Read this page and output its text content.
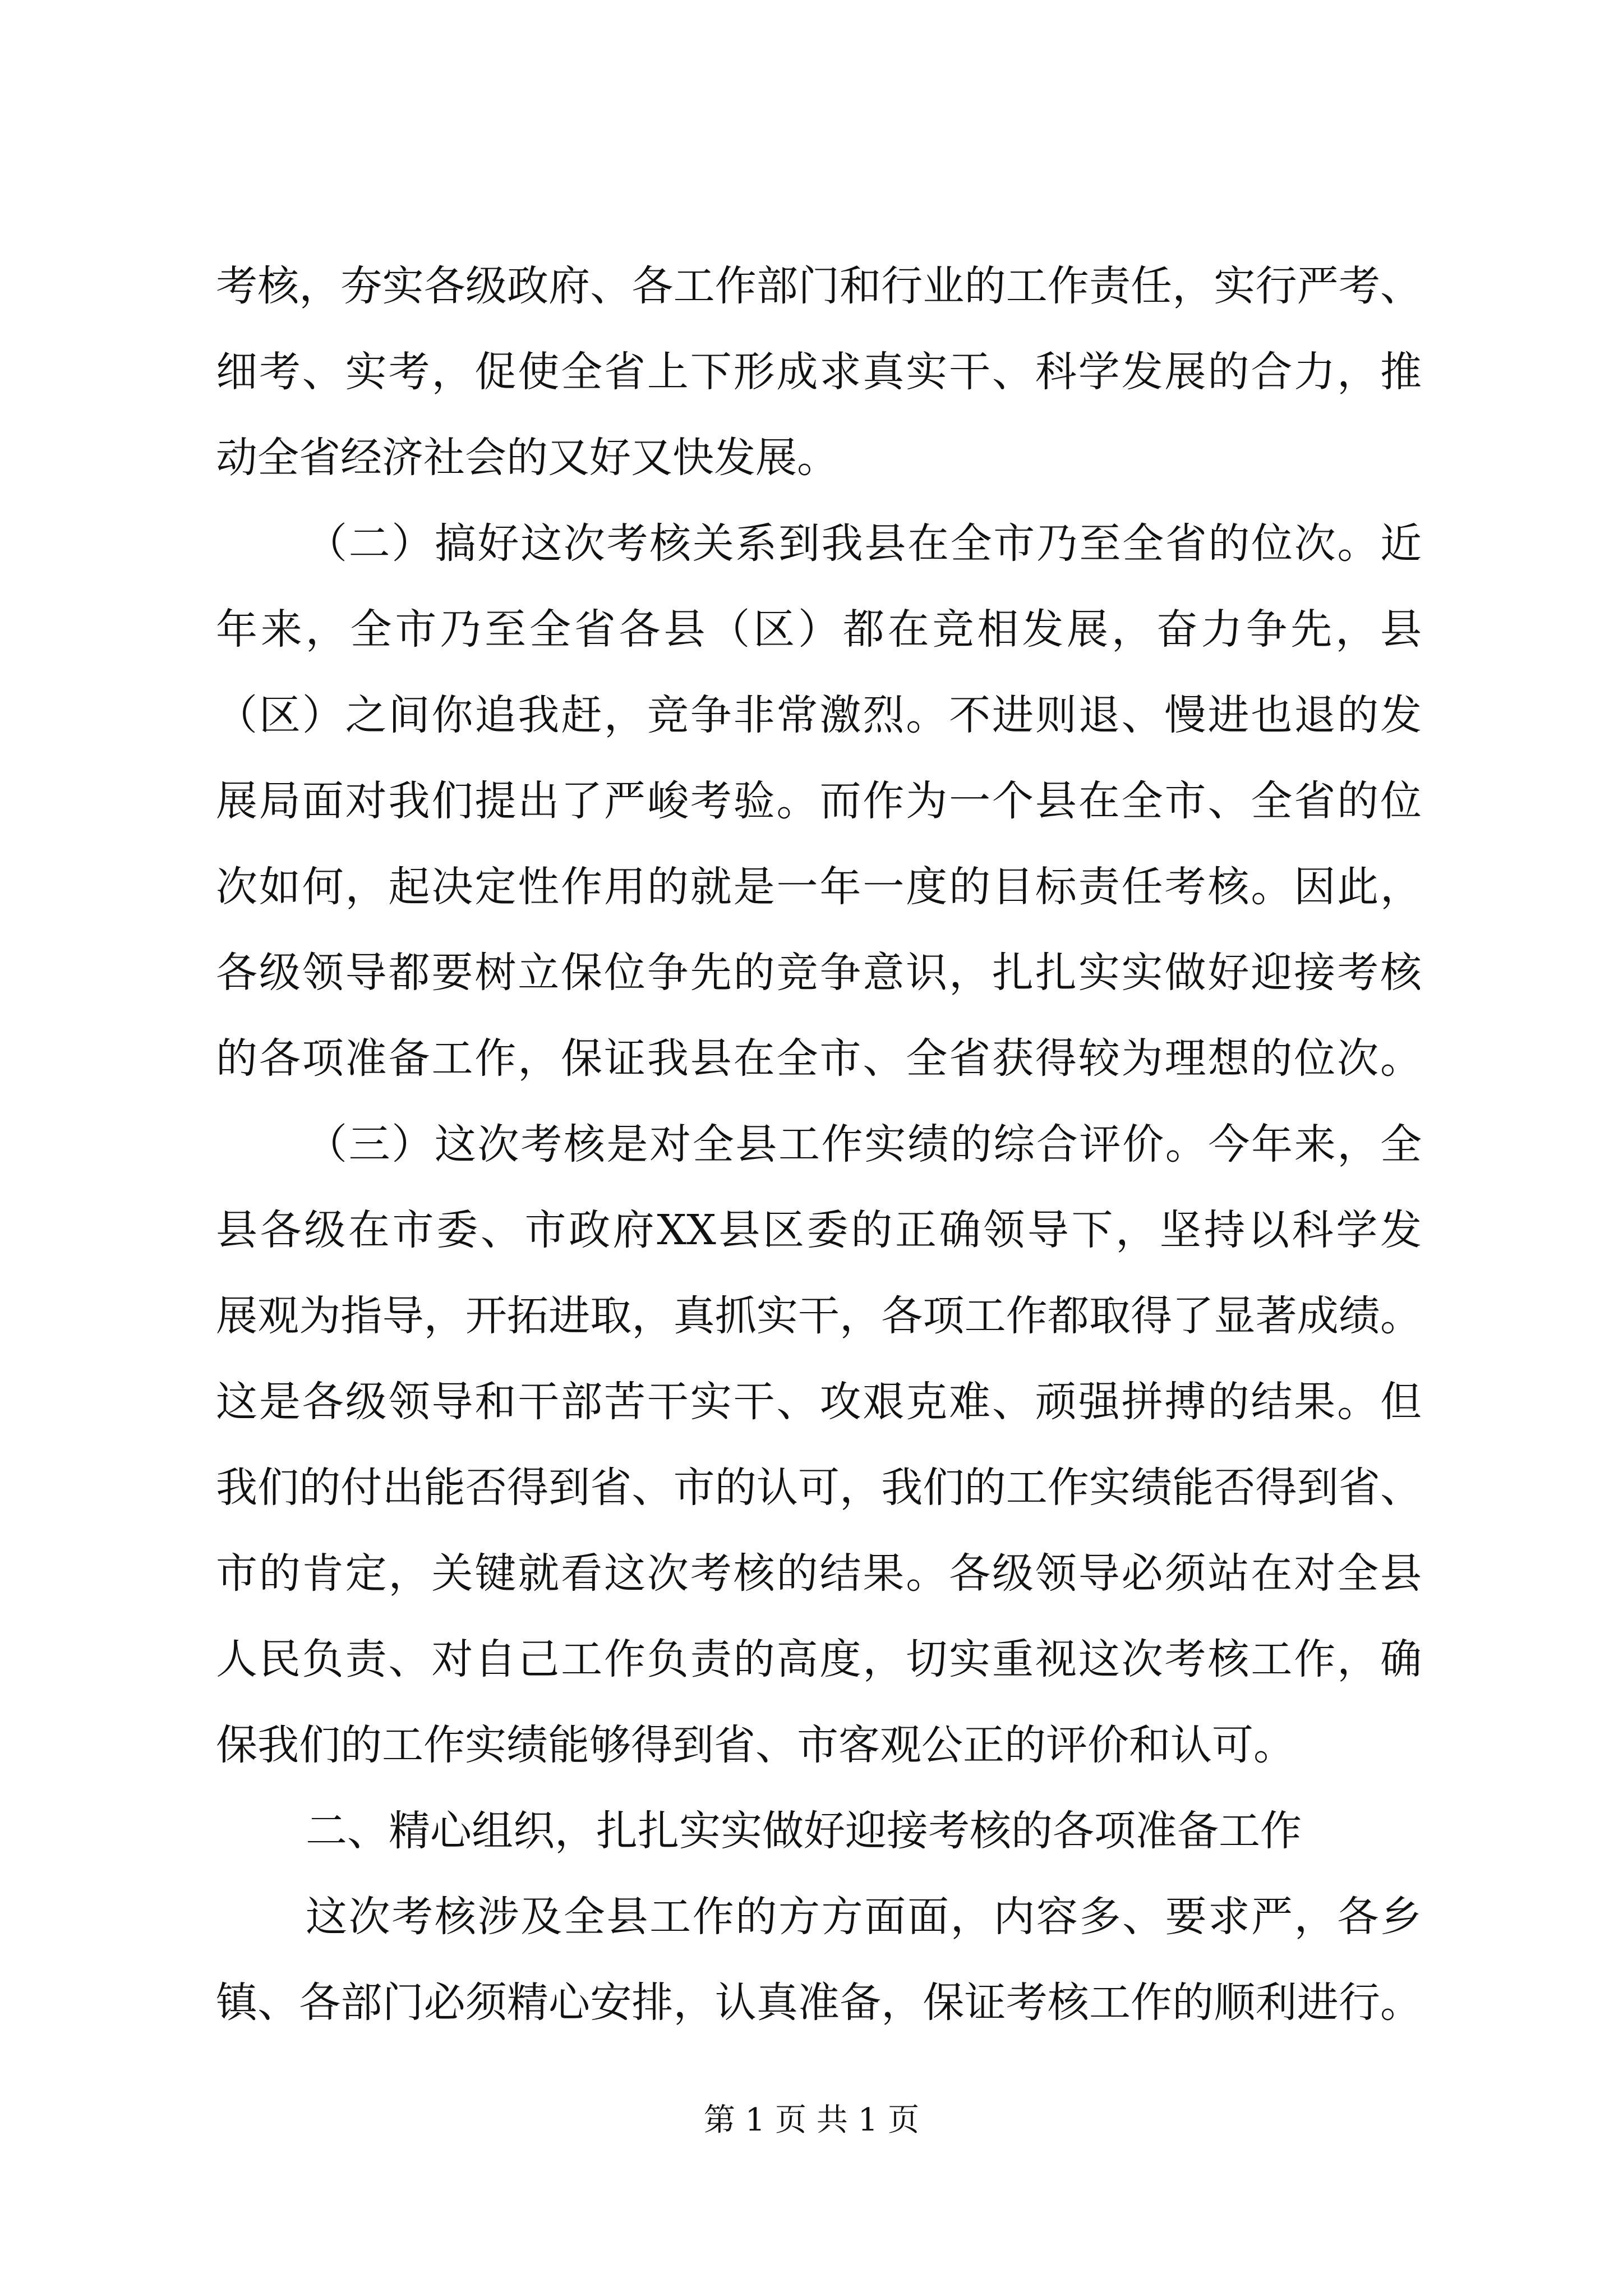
考核，夯实各级政府、各工作部门和行业的工作责任，实行严考、
细考、实考，促使全省上下形成求真实干、科学发展的合力，推
动全省经济社会的又好又快发展。
（二）搞好这次考核关系到我县在全市乃至全省的位次。近
年来，全市乃至全省各县（区）都在竞相发展，奋力争先，县
（区）之间你追我赶，竞争非常激烈。不进则退、慢进也退的发
展局面对我们提出了严峻考验。而作为一个县在全市、全省的位
次如何，起决定性作用的就是一年一度的目标责任考核。因此，
各级领导都要树立保位争先的竞争意识，扎扎实实做好迎接考核
的各项准备工作，保证我县在全市、全省获得较为理想的位次。
（三）这次考核是对全县工作实绩的综合评价。今年来，全
县各级在市委、市政府XX县区委的正确领导下，坚持以科学发
展观为指导，开拓进取，真抓实干，各项工作都取得了显著成绩。
这是各级领导和干部苦干实干、攻艰克难、顽强拼搏的结果。但
我们的付出能否得到省、市的认可，我们的工作实绩能否得到省、
市的肯定，关键就看这次考核的结果。各级领导必须站在对全县
人民负责、对自己工作负责的高度，切实重视这次考核工作，确
保我们的工作实绩能够得到省、市客观公正的评价和认可。
二、精心组织，扎扎实实做好迎接考核的各项准备工作
这次考核涉及全县工作的方方面面，内容多、要求严，各乡
镇、各部门必须精心安排，认真准备，保证考核工作的顺利进行。
第 1 页 共 1 页
